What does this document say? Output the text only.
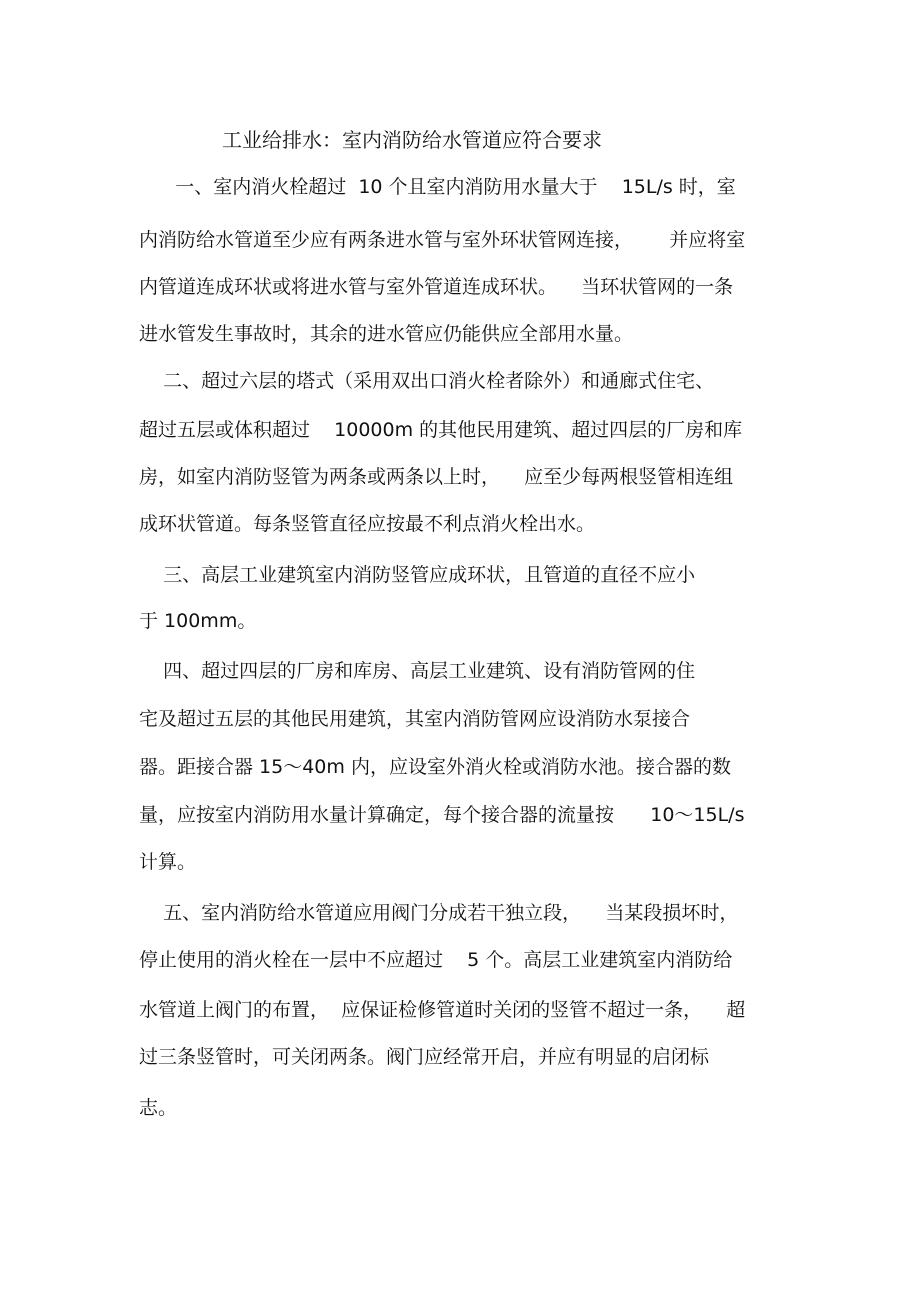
工业给排水：室内消防给水管道应符合要求
一、室内消火栓超过  10 个且室内消防用水量大于    15L/s 时，室
内消防给水管道至少应有两条进水管与室外环状管网连接，      并应将室
内管道连成环状或将进水管与室外管道连成环状。    当环状管网的一条
进水管发生事故时，其余的进水管应仍能供应全部用水量。
二、超过六层的塔式（采用双出口消火栓者除外）和通廊式住宅、
超过五层或体积超过    10000m 的其他民用建筑、超过四层的厂房和库
房，如室内消防竖管为两条或两条以上时，    应至少每两根竖管相连组
成环状管道。每条竖管直径应按最不利点消火栓出水。
三、高层工业建筑室内消防竖管应成环状，且管道的直径不应小
于 100mm。
四、超过四层的厂房和库房、高层工业建筑、设有消防管网的住
宅及超过五层的其他民用建筑，其室内消防管网应设消防水泵接合
器。距接合器 15～40m 内，应设室外消火栓或消防水池。接合器的数
量，应按室内消防用水量计算确定，每个接合器的流量按      10～15L/s
计算。
五、室内消防给水管道应用阀门分成若干独立段，    当某段损坏时，
停止使用的消火栓在一层中不应超过    5 个。高层工业建筑室内消防给
水管道上阀门的布置，  应保证检修管道时关闭的竖管不超过一条，    超
过三条竖管时，可关闭两条。阀门应经常开启，并应有明显的启闭标
志。
